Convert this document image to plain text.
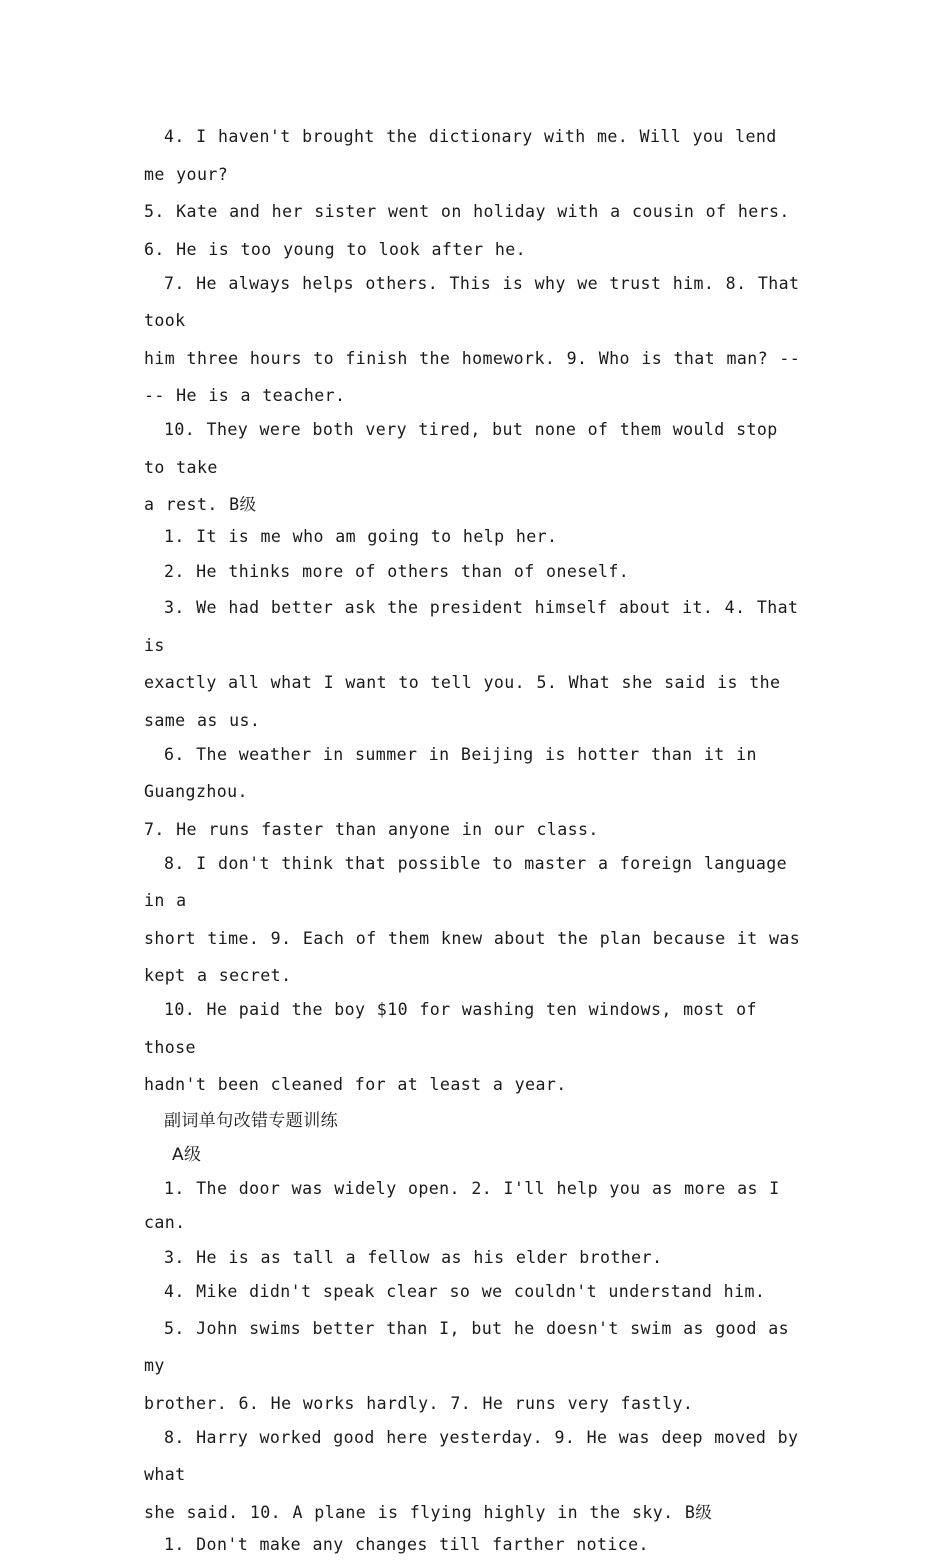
4. I haven't brought the dictionary with me. Will you lend me your?
5. Kate and her sister went on holiday with a cousin of hers. 6. He is too young to look after he.

7. He always helps others. This is why we trust him. 8. That took
him three hours to finish the homework. 9. Who is that man? ---- He is a teacher.

10. They were both very tired, but none of them would stop to take
a rest. B级

1. It is me who am going to help her.

2. He thinks more of others than of oneself.

3. We had better ask the president himself about it. 4. That is
exactly all what I want to tell you. 5. What she said is the same as us.

6. The weather in summer in Beijing is hotter than it in Guangzhou.
7. He runs faster than anyone in our class.

8. I don't think that possible to master a foreign language in a
short time. 9. Each of them knew about the plan because it was kept a secret.

10. He paid the boy $10 for washing ten windows, most of those
hadn't been cleaned for at least a year.

副词单句改错专题训练

A级

1. The door was widely open. 2. I'll help you as more as I can.

3. He is as tall a fellow as his elder brother.

4. Mike didn't speak clear so we couldn't understand him.

5. John swims better than I, but he doesn't swim as good as my
brother. 6. He works hardly. 7. He runs very fastly.

8. Harry worked good here yesterday. 9. He was deep moved by what
she said. 10. A plane is flying highly in the sky. B级

1. Don't make any changes till farther notice.
